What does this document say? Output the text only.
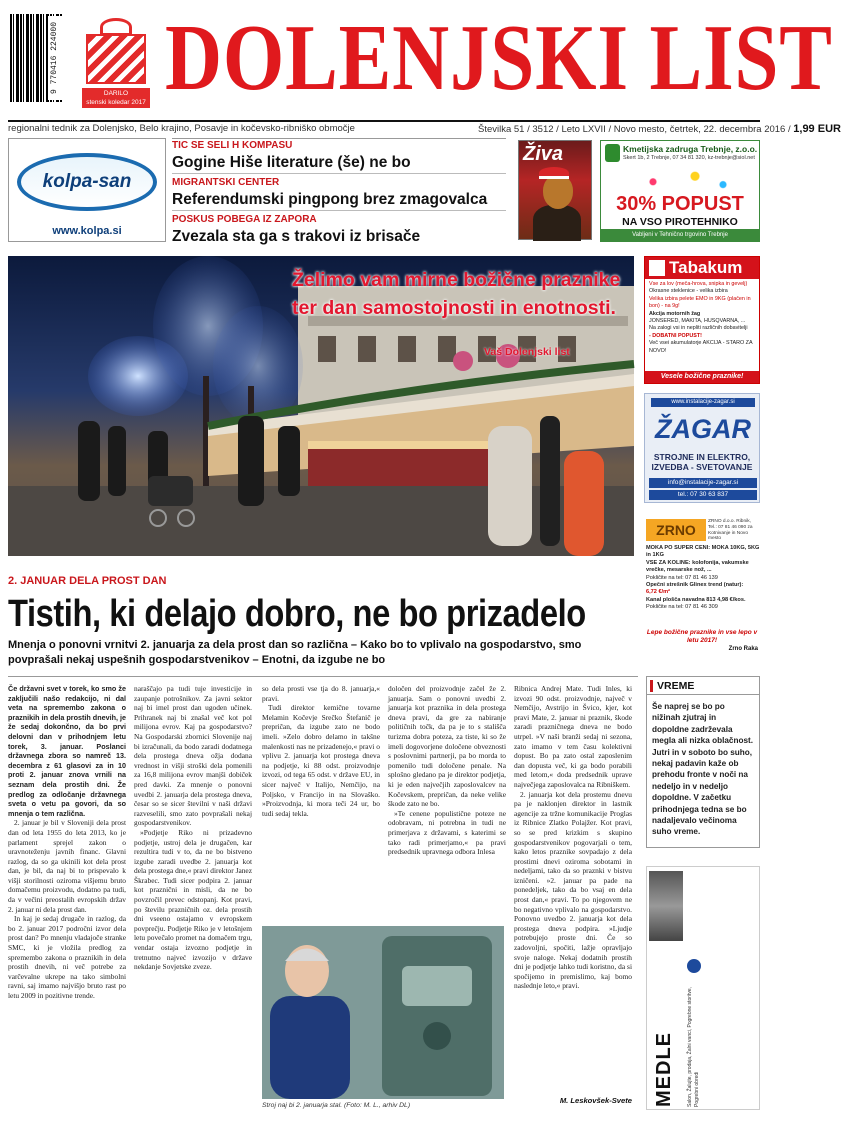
9 770416 224000	DARILO
stenski koledar 2017 DOLENJSKI LIST
regionalni tednik za Dolenjsko, Belo krajino, Posavje in kočevsko-ribniško območje	Številka 51 / 3512 / Leto LXVII / Novo mesto, četrtek, 22. decembra 2016 / 1,99 EUR
kolpa-san
www.kolpa.si
TIC SE SELI H KOMPASU
Gogine Hiše literature (še) ne bo
MIGRANTSKI CENTER
Referendumski pingpong brez zmagovalca
POSKUS POBEGA IZ ZAPORA
Zvezala sta ga s trakovi iz brisače
Živa	Kmetijska zadruga Trebnje, z.o.o.
Skert 1b, 2 Trebnje, 07 34 81 320, kz-trebnje@siol.net
30% POPUST
NA VSO PIROTEHNIKO
Vabljeni v Tehnično trgovino Trebnje
Želimo vam mirne božične praznike ter dan samostojnosti in enotnosti.
Vaš Dolenjski list
Tabakum
Vse za lov (meča-hrova, snipka in gevelj)
Okrasne steklenice - velika izbira
Velika izbira pelete EMO in 9KG (plačen in bon) - na 9g!
Akcija motornih žag
JONSERED, MAKITA, HUSQVARNA, ...
Na zalogi vsi in nepliti različnih dobavitelji
- DOBATNI POPUST!
Več vsei akumulatorje AKCIJA - STARO ZA NOVO!
Vesele božične praznike!
www.instalacije-zagar.si
ŽAGAR
STROJNE IN ELEKTRO, IZVEDBA - SVETOVANJE
info@instalacije-zagar.si
tel.: 07 30 63 837
ZRNO
ZRNO d.o.o. Ribnik, Tel.: 07 81 46 090 za Kotnivanje in Novo mesto
MOKA PO SUPER CENI: MOKA 10KG, 5KG in 1KG
VSE ZA KOLINE: kolofonija, vakumske vrečke, mesarske nož, ...
Pokličite na tel: 07 81 46 139
Opečni strešnik Glinex trend (natur):
6,72 €/m²
Kanal plošča navadna 813 4,98 €/kos.
Pokličite na tel: 07 81 46 309
Lepe božične praznike in vse lepo v letu 2017!
Zrno Raka
2. JANUAR DELA PROST DAN
Tistih, ki delajo dobro, ne bo prizadelo
Mnenja o ponovni vrnitvi 2. januarja za dela prost dan so različna – Kako bo to vplivalo na gospodarstvo, smo povprašali nekaj uspešnih gospodarstvenikov – Enotni, da izgube ne bo

Če državni svet v torek, ko smo že zaključili našo redakcijo, ni dal veta na spremembo zakona o praznikih in dela prostih dnevih, je že sedaj dokončno, da bo prvi delovni dan v prihodnjem letu torek, 3. januar. Poslanci državnega zbora so namreč 13. decembra z 61 glasovi za in 10 proti 2. januar znova vrnili na seznam dela prostih dni. Že predlog za odločanje državnega sveta o vetu pa govori, da so mnenja o tem različna.

2. januar je bil v Sloveniji dela prost dan od leta 1955 do leta 2013, ko je parlament sprejel zakon o uravnoteženju javnih financ. Glavni razlog, da so ga ukinili kot dela prost dan, je bil, da naj bi to prispevalo k višji storilnosti oziroma višjemu bruto domačemu proizvodu, dodatno pa tudi, da v večini preostalih evropskih držav 2. januar ni dela prost dan.

In kaj je sedaj drugače in razlog, da bo 2. januar 2017 področni izvor dela prost dan? Po mnenju vladajoče stranke SMC, ki je vložila predlog za spremembo zakona o praznikih in dela prostih dnevih, ni več potrebe za varčevalne ukrepe na tako simbolni ravni, saj imamo najvišjo bruto rast po letu 2009 in pozitivne trende.

naraščajo pa tudi tuje investicije in zaupanje potrošnikov. Za javni sektor naj bi imel prost dan ugoden učinek. Prihranek naj bi znašal več kot pol milijona evrov. Kaj pa gospodarstvo? Na Gospodarski zbornici Slovenije naj bi izračunali, da bodo zaradi dodatnega dela prostega dneva ožja dodana vrednost in višji stroški dela pomenili za 16,8 milijona evrov manjši dobiček pred davki. Za mnenje o ponovni uvedbi 2. januarja dela prostega dneva, česar so se sicer številni v naši državi razveselili, smo zato povprašali nekaj gospodarstvenikov.

»Podjetje Riko ni prizadevno podjetje, ustroj dela je drugačen, kar rezultira tudi v to, da ne bo bistveno izgube zaradi uvedbe 2. januarja kot dela prostega dne,« pravi direktor Janez Škrabec. Tudi sicer podpira 2. januar kot praznični in misli, da ne bo povzročil prevec odstopanj. Kot pravi, po številu prazničnih oz. dela prostih dni vseeno ostajamo v evropskem povprečju. Podjetje Riko je v letošnjem letu povečalo promet na domačem trgu, vendar ostaja izvozno podjetje in tretnutno najveć izvozijo v države nekdanje Sovjetske zveze.

so dela prosti vse tja do 8. januarja,« pravi.

Tudi direktor kemične tovarne Melamin Kočevje Srečko Štefanič je prepričan, da izgube zato ne bodo imeli. »Zelo dobro delamo in takšne malenkosti nas ne prizadenejo,« pravi o vplivu 2. januarja kot prostega dneva na podjetje, ki 88 odst. proizvodnje izvozi, od tega 65 odst. v države EU, in sicer največ v Italijo, Nemčijo, na Poljsko, v Francijo in na Slovaško. »Proizvodnja, ki mora teči 24 ur, bo tudi sedaj tekla.

določen del proizvodnje začel že 2. januarja. Sam o ponovni uvedbi 2. januarja kot praznika in dela prostega dneva pravi, da gre za nabiranje političnih točk, da pa je to s stališča turizma dobra poteza, za tiste, ki so že imeli dogovorjene določene obveznosti s poslovnimi partnerji, pa bo morda to pomenilo tudi določene penale. Na splošno gledano pa je direktor podjetja, ki je eden največjih zaposlovalcev na Kočevskem, prepričan, da neke velike škode zato ne bo.

»Te cenene populistične poteze ne odobravam, ni potrebna in tudi ne primerjava z državami, s katerimi se tako radi primerjamo,« pa pravi predsednik upravnega odbora Inlesa

Ribnica Andrej Mate. Tudi Inles, ki izvozi 90 odst. proizvodnje, največ v Nemčijo, Avstrijo in Švico, kjer, kot pravi Mate, 2. januar ni praznik, škode zaradi prazničnega dneva ne bodo utrpel. »V naši branži sedaj ni sezona, zato imamo v tem času kolektivni dopust. Bo pa zato ostal zaposlenim dan dopusta več, ki ga bodo porabili med letom,« doda predsednik uprave največjega zaposlovalca na Ribniškem.

2. januarja kot dela prostemu dnevu pa je naklonjen direktor in lastnik agencije za tržne komunikacije Proglas iz Ribnice Zlatko Polajžer. Kot pravi, so se pred krizkim s skupino gospodarstvenikov pogovarjali o tem, kako letos praznike sovpadajo z dela prostimi dnevi oziroma sobotami in nedeljami, tako da so praznki v bistvu izničeni. »2. januar pa pade na ponedeljek, tako da bo vsaj en dela prost dan,« pravi. To po njegovem ne bo negativno vplivalo na gospodarstvo. Ponovno uvedbo 2. januarja kot dela prostega dneva podpira. »Ljudje potrebujejo proste dni. Če so zadovoljni, spočiti, lažje opravljajo svoje naloge. Nekaj dodatnih prostih dni je podjetje lahko tudi koristno, da si spočijemo in premislimo, kaj bomo naslednje leto,« pravi.

M. Leskovšek-Svete
Stroj naj bi 2. januarja stal. (Foto: M. L., arhiv DL)
VREME
Še naprej se bo po nižinah zjutraj in dopoldne zadrževala megla ali nizka oblačnost. Jutri in v soboto bo suho, nekaj padavin kaže ob prehodu fronte v noči na nedeljo in v nedeljo dopoldne. V začetku prihodnjega tedna se bo nadaljevalo večinoma suho vreme.
MEDLE	Salon, Žalujte, prodaja, Žalni vanci, Pogrebne storitve, Pogrebni obredi
